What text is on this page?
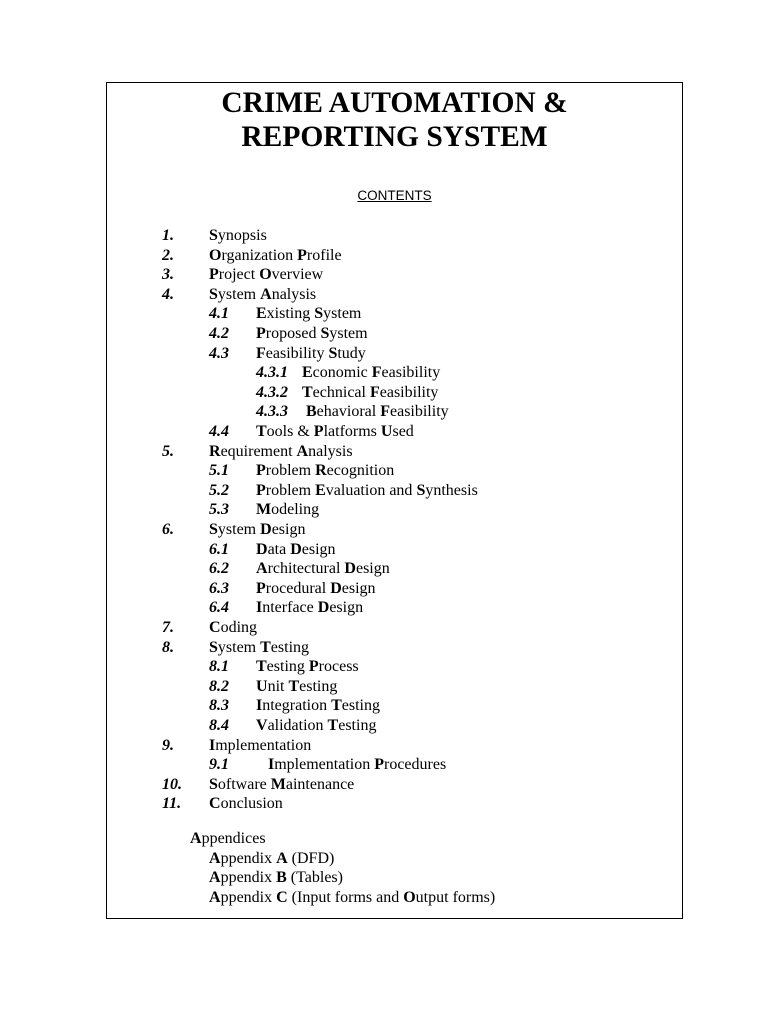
CRIME AUTOMATION &
REPORTING SYSTEM
CONTENTS
1. Synopsis
2. Organization Profile
3. Project Overview
4. System Analysis
4.1 Existing System
4.2 Proposed System
4.3 Feasibility Study
4.3.1 Economic Feasibility
4.3.2 Technical Feasibility
4.3.3 Behavioral Feasibility
4.4 Tools & Platforms Used
5. Requirement Analysis
5.1 Problem Recognition
5.2 Problem Evaluation and Synthesis
5.3 Modeling
6. System Design
6.1 Data Design
6.2 Architectural Design
6.3 Procedural Design
6.4 Interface Design
7. Coding
8. System Testing
8.1 Testing Process
8.2 Unit Testing
8.3 Integration Testing
8.4 Validation Testing
9. Implementation
9.1	Implementation Procedures
10. Software Maintenance
11. Conclusion
Appendices
Appendix A (DFD)
Appendix B (Tables)
Appendix C (Input forms and Output forms)
